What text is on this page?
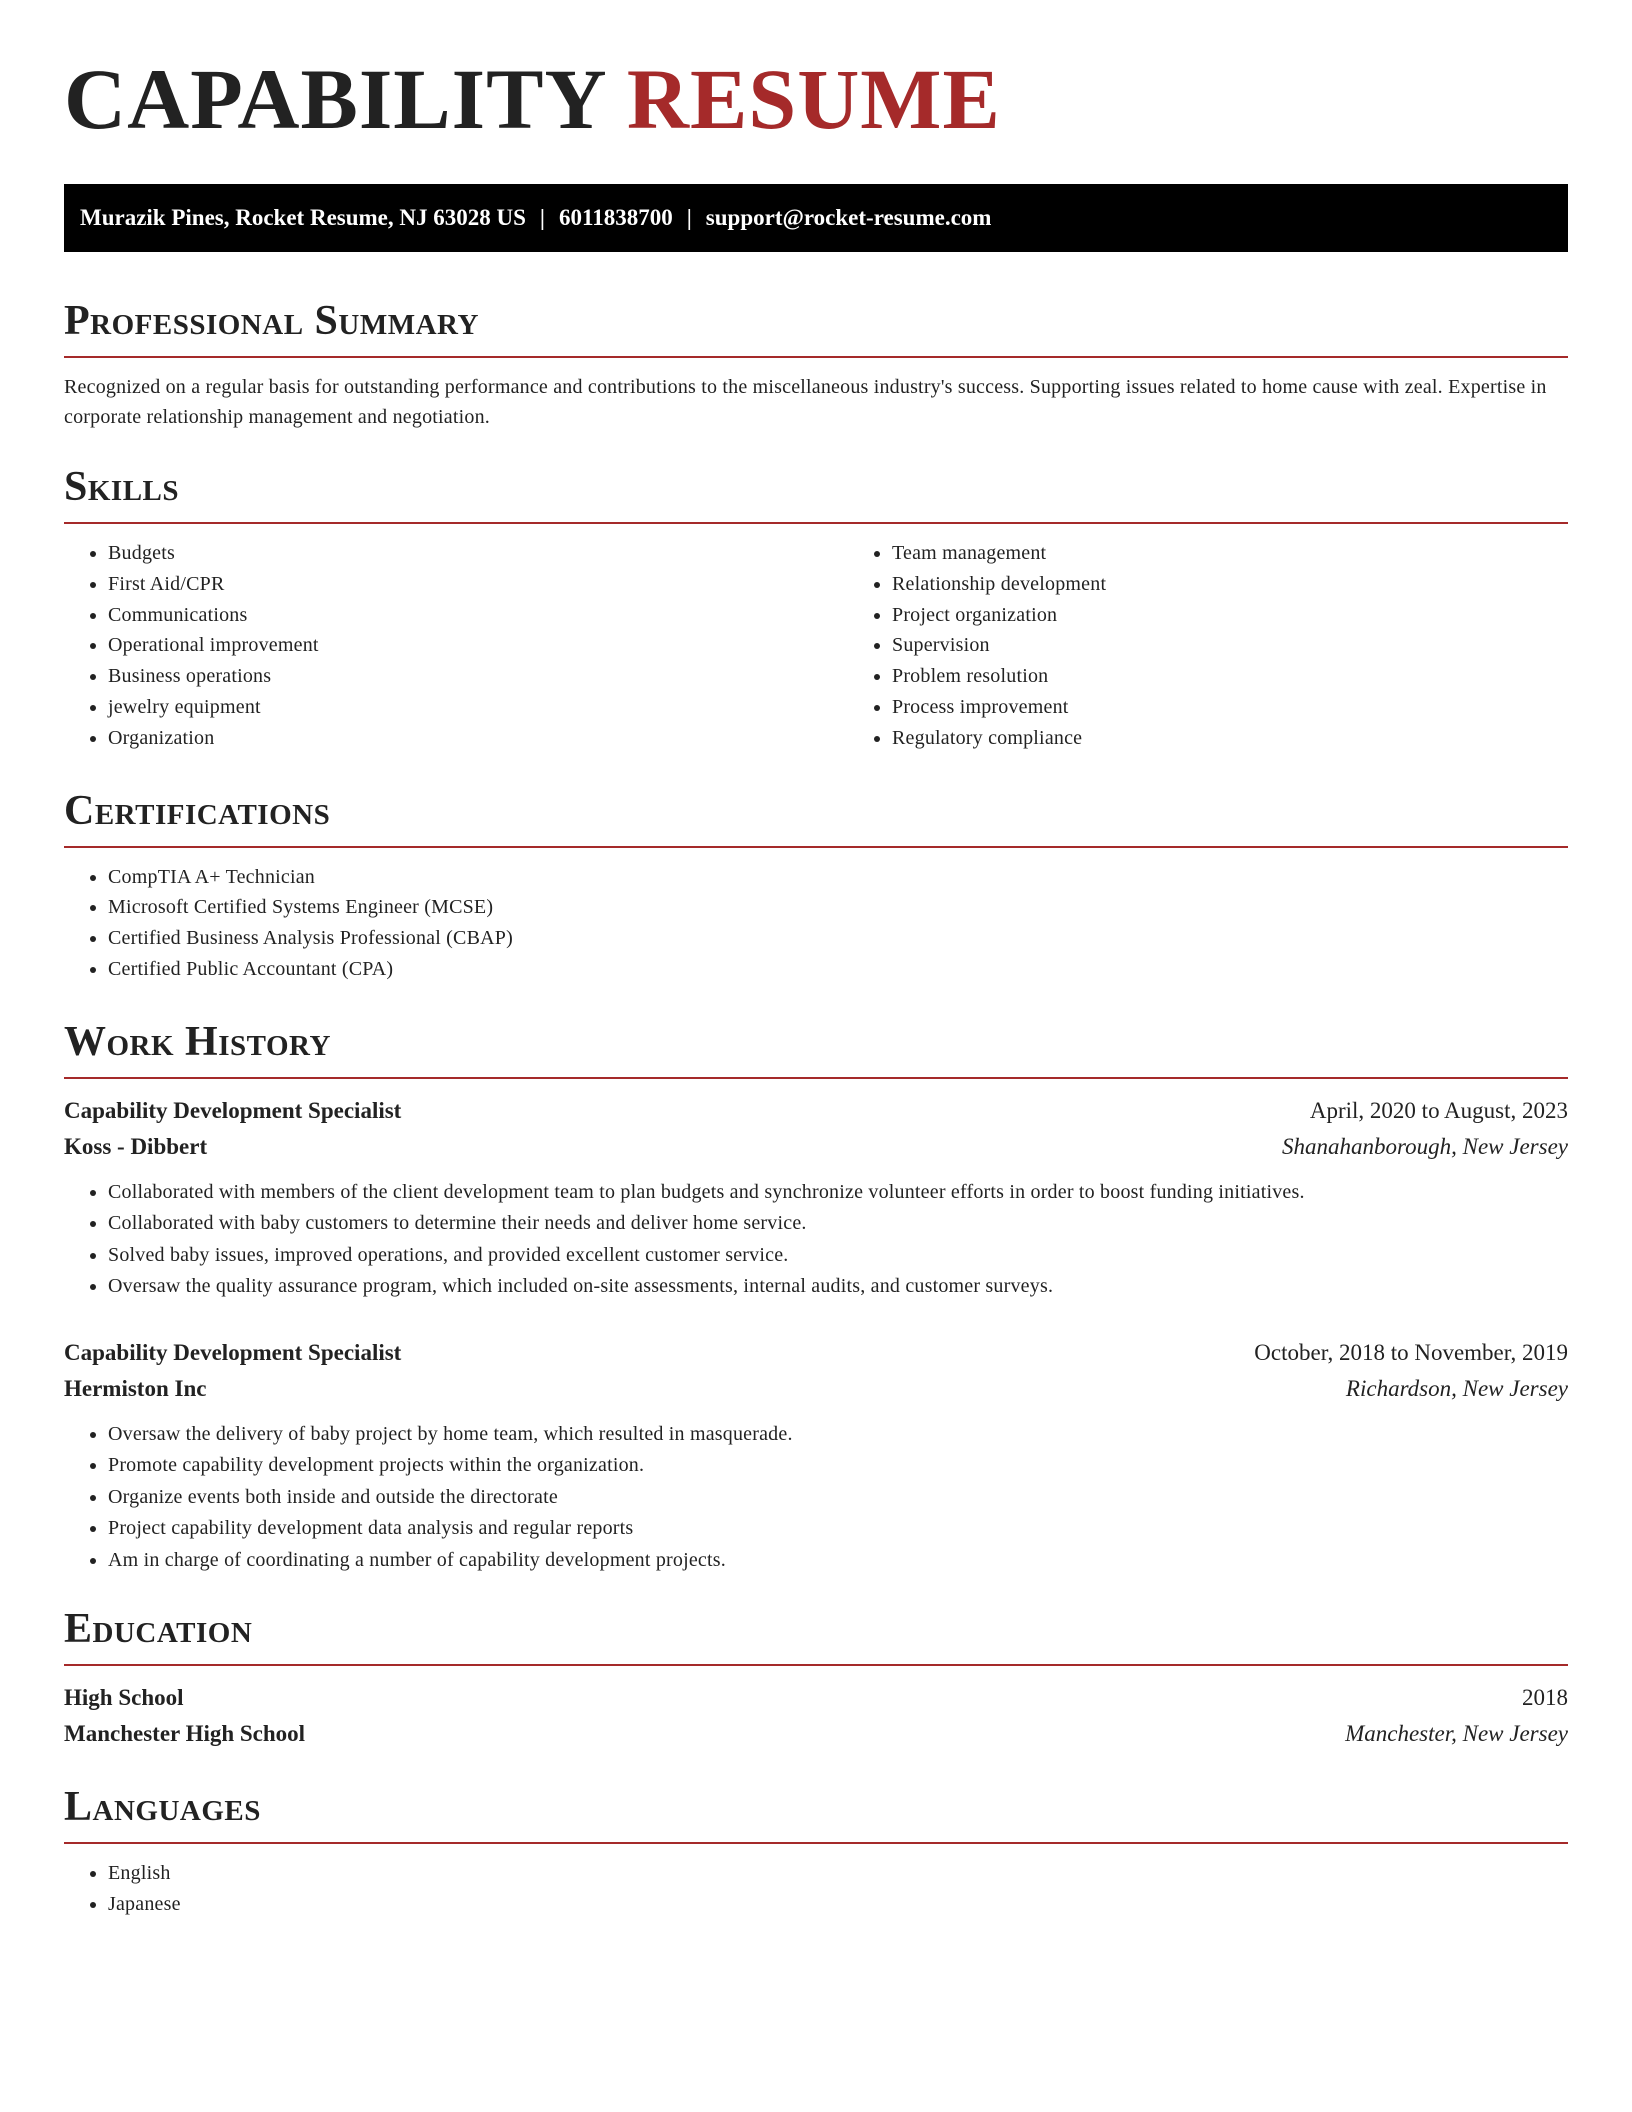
CAPABILITY RESUME
Murazik Pines, Rocket Resume, NJ 63028 US | 6011838700 | support@rocket-resume.com
Professional Summary

Recognized on a regular basis for outstanding performance and contributions to the miscellaneous industry's success. Supporting issues related to home cause with zeal. Expertise in corporate relationship management and negotiation.

Skills
• Budgets
• First Aid/CPR
• Communications
• Operational improvement
• Business operations
• jewelry equipment
• Organization
• Team management
• Relationship development
• Project organization
• Supervision
• Problem resolution
• Process improvement
• Regulatory compliance
Certifications
• CompTIA A+ Technician
• Microsoft Certified Systems Engineer (MCSE)
• Certified Business Analysis Professional (CBAP)
• Certified Public Accountant (CPA)
Work History
Capability Development Specialist	April, 2020 to August, 2023
Koss - Dibbert	Shanahanborough, New Jersey
• Collaborated with members of the client development team to plan budgets and synchronize volunteer efforts in order to boost funding initiatives.
• Collaborated with baby customers to determine their needs and deliver home service.
• Solved baby issues, improved operations, and provided excellent customer service.
• Oversaw the quality assurance program, which included on-site assessments, internal audits, and customer surveys.
Capability Development Specialist	October, 2018 to November, 2019
Hermiston Inc	Richardson, New Jersey
• Oversaw the delivery of baby project by home team, which resulted in masquerade.
• Promote capability development projects within the organization.
• Organize events both inside and outside the directorate
• Project capability development data analysis and regular reports
• Am in charge of coordinating a number of capability development projects.
Education
High School	2018
Manchester High School	Manchester, New Jersey
Languages
• English
• Japanese
